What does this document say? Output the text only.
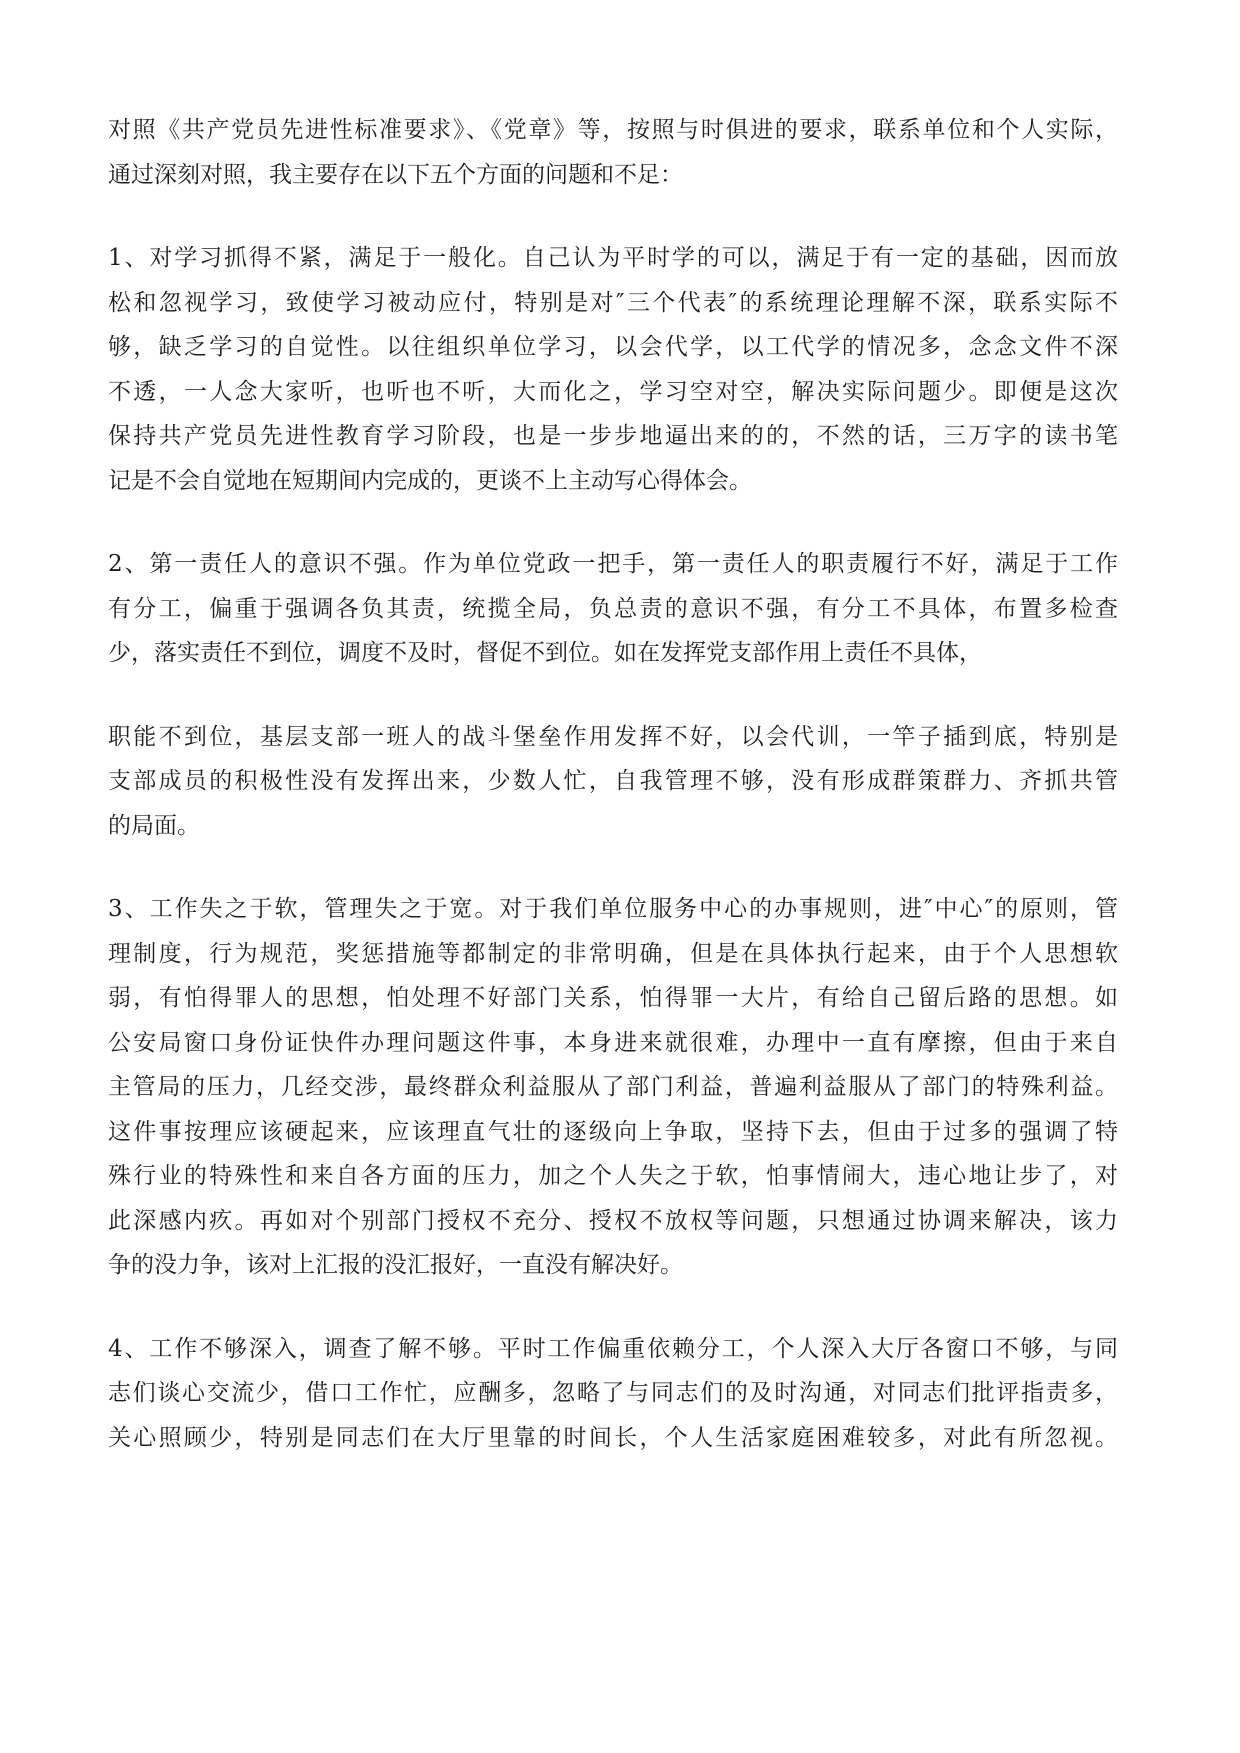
对照《共产党员先进性标准要求》、《党章》等，按照与时俱进的要求，联系单位和个人实际，
通过深刻对照，我主要存在以下五个方面的问题和不足：
1、对学习抓得不紧，满足于一般化。自己认为平时学的可以，满足于有一定的基础，因而放
松和忽视学习，致使学习被动应付，特别是对″三个代表″的系统理论理解不深，联系实际不
够，缺乏学习的自觉性。以往组织单位学习，以会代学，以工代学的情况多，念念文件不深
不透，一人念大家听，也听也不听，大而化之，学习空对空，解决实际问题少。即便是这次
保持共产党员先进性教育学习阶段，也是一步步地逼出来的的，不然的话，三万字的读书笔
记是不会自觉地在短期间内完成的，更谈不上主动写心得体会。
2、第一责任人的意识不强。作为单位党政一把手，第一责任人的职责履行不好，满足于工作
有分工，偏重于强调各负其责，统揽全局，负总责的意识不强，有分工不具体，布置多检查
少，落实责任不到位，调度不及时，督促不到位。如在发挥党支部作用上责任不具体，
职能不到位，基层支部一班人的战斗堡垒作用发挥不好，以会代训，一竿子插到底，特别是
支部成员的积极性没有发挥出来，少数人忙，自我管理不够，没有形成群策群力、齐抓共管
的局面。
3、工作失之于软，管理失之于宽。对于我们单位服务中心的办事规则，进″中心″的原则，管
理制度，行为规范，奖惩措施等都制定的非常明确，但是在具体执行起来，由于个人思想软
弱，有怕得罪人的思想，怕处理不好部门关系，怕得罪一大片，有给自己留后路的思想。如
公安局窗口身份证快件办理问题这件事，本身进来就很难，办理中一直有摩擦，但由于来自
主管局的压力，几经交涉，最终群众利益服从了部门利益，普遍利益服从了部门的特殊利益。
这件事按理应该硬起来，应该理直气壮的逐级向上争取，坚持下去，但由于过多的强调了特
殊行业的特殊性和来自各方面的压力，加之个人失之于软，怕事情闹大，违心地让步了，对
此深感内疚。再如对个别部门授权不充分、授权不放权等问题，只想通过协调来解决，该力
争的没力争，该对上汇报的没汇报好，一直没有解决好。
4、工作不够深入，调查了解不够。平时工作偏重依赖分工，个人深入大厅各窗口不够，与同
志们谈心交流少，借口工作忙，应酬多，忽略了与同志们的及时沟通，对同志们批评指责多，
关心照顾少，特别是同志们在大厅里靠的时间长，个人生活家庭困难较多，对此有所忽视。
